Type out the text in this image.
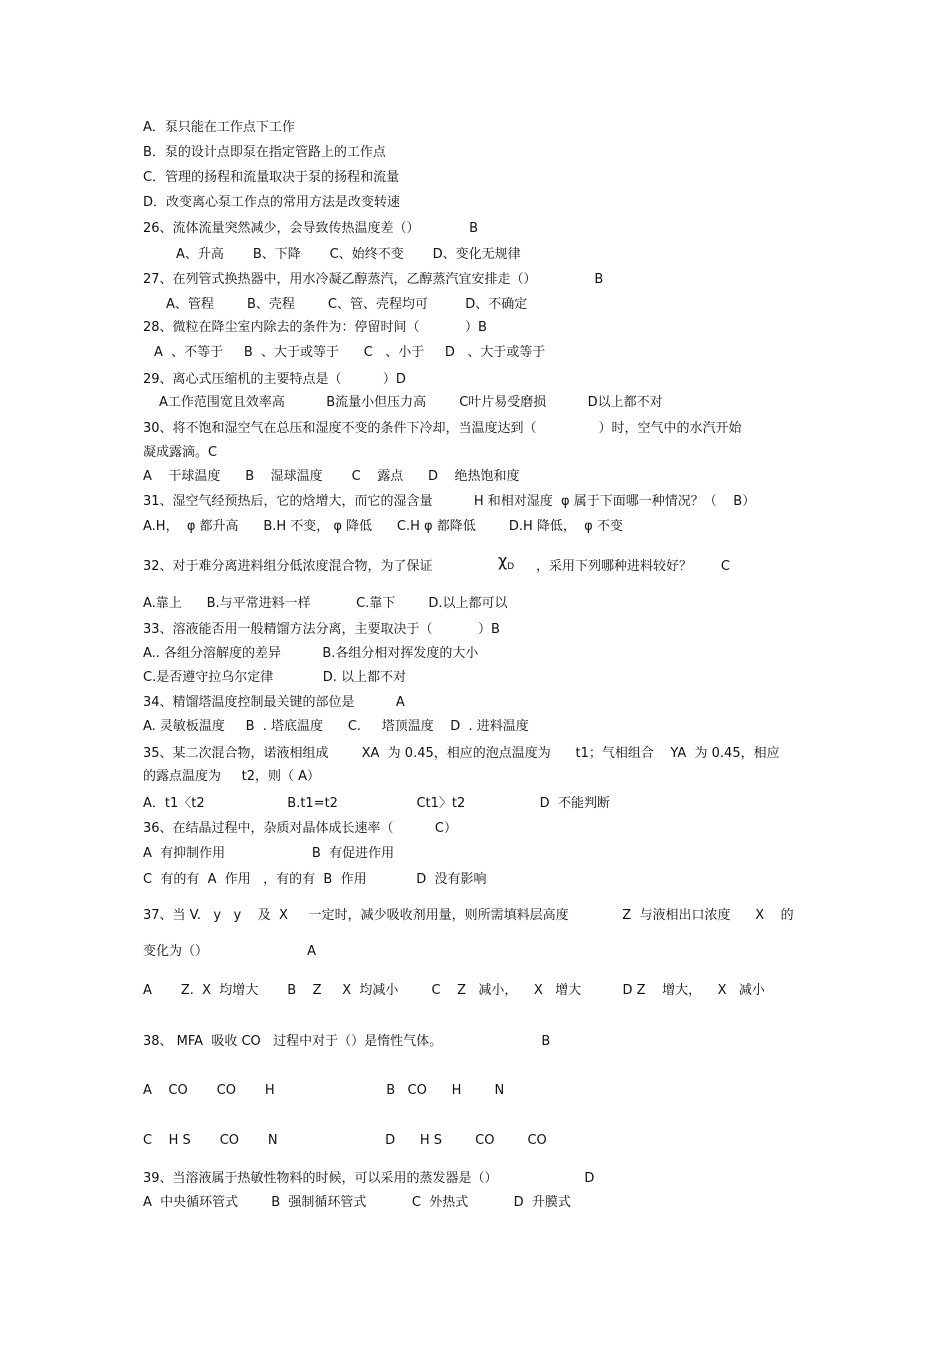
A．泵只能在工作点下工作
B．泵的设计点即泵在指定管路上的工作点
C．管理的扬程和流量取决于泵的扬程和流量
D．改变离心泵工作点的常用方法是改变转速
26、流体流量突然减少，会导致传热温度差（）            B
A、升高       B、下降       C、始终不变       D、变化无规律
27、在列管式换热器中，用水冷凝乙醇蒸汽，乙醇蒸汽宜安排走（）              B
A、管程        B、壳程        C、管、壳程均可         D、不确定
28、微粒在降尘室内除去的条件为：停留时间（           ）B
A  、不等于     B  、大于或等于      C   、小于     D   、大于或等于
29、离心式压缩机的主要特点是（          ）D
A工作范围宽且效率高          B流量小但压力高        C叶片易受磨损          D以上都不对
30、将不饱和湿空气在总压和湿度不变的条件下冷却，当温度达到（               ）时，空气中的水汽开始
凝成露滴。C
A    干球温度      B    湿球温度       C    露点      D    绝热饱和度
31、湿空气经预热后，它的焓增大，而它的湿含量          H 和相对湿度  φ 属于下面哪一种情况？（    B）
A.H，  φ 都升高      B.H 不变， φ 降低      C.H φ 都降低        D.H 降低，  φ 不变
32、对于难分离进料组分低浓度混合物，为了保证	，采用下列哪种进料较好？       C
A.靠上      B.与平常进料一样           C.靠下        D.以上都可以
33、溶液能否用一般精馏方法分离，主要取决于（           ）B
A.. 各组分溶解度的差异          B.各组分相对挥发度的大小
C.是否遵守拉乌尔定律            D. 以上都不对
34、精馏塔温度控制最关键的部位是          A
A. 灵敏板温度     B  . 塔底温度      C.     塔顶温度    D  . 进料温度
35、某二次混合物，诺液相组成        XA  为 0.45，相应的泡点温度为      t1；气相组合    YA  为 0.45，相应
的露点温度为     t2，则（ A）
A．t1〈t2                    B.t1=t2                   Ct1〉t2                  D  不能判断
36、在结晶过程中，杂质对晶体成长速率（          C）
A  有抑制作用                     B  有促进作用
C  有的有  A  作用   ，有的有  B  作用            D  没有影响
37、当 V.   y   y    及  X     一定时，减少吸收剂用量，则所需填料层高度             Z  与液相出口浓度      X    的
变化为（）                        A
A       Z.  X  均增大       B    Z     X  均减小        C    Z   减小，    X   增大          D Z    增大，    X   减小
38、 MFA  吸收 CO   过程中对于（）是惰性气体。                        B
A    CO       CO       H                           B   CO      H        N
C    H S       CO       N                          D      H S        CO        CO
39、当溶液属于热敏性物料的时候，可以采用的蒸发器是（）                     D
A  中央循环管式        B  强制循环管式           C  外热式           D  升膜式
$\chi_D$
